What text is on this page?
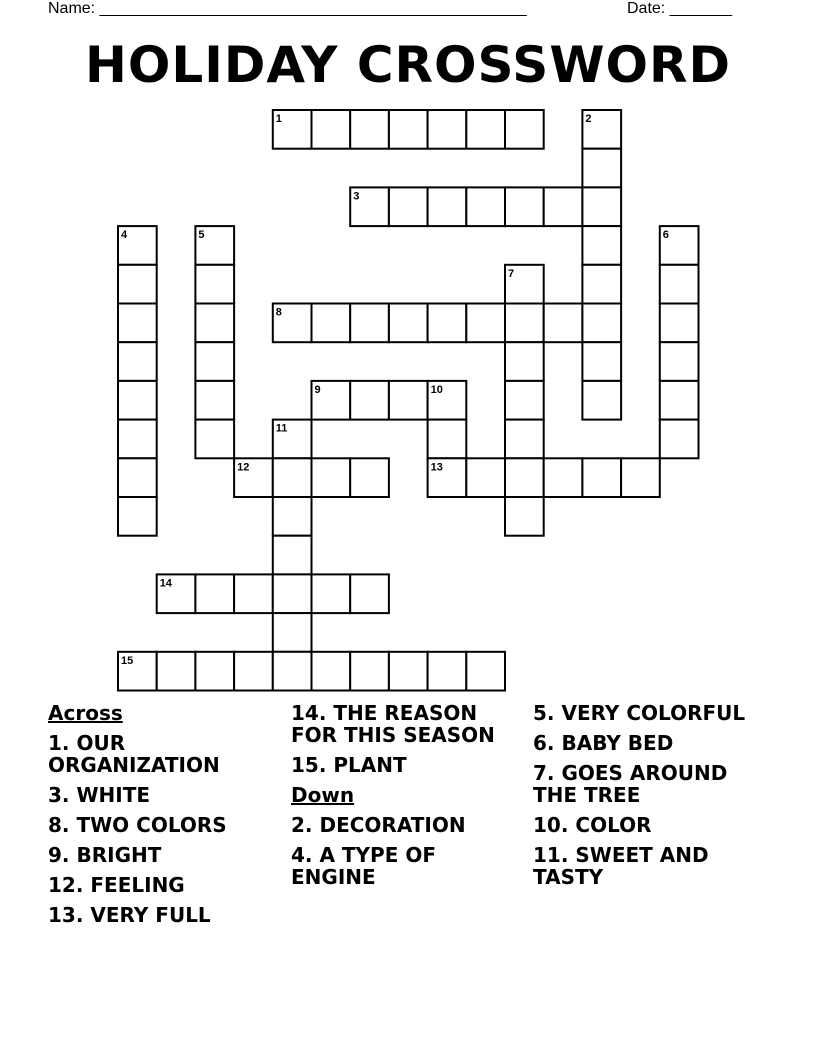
Name: ________________________________________________	Date: _______
HOLIDAY CROSSWORD
1	2
3
4	5	6
7
8
9	10
11
12	13
14
15
Across
1. OUR ORGANIZATION
3. WHITE
8. TWO COLORS
9. BRIGHT
12. FEELING
13. VERY FULL
14. THE REASON FOR THIS SEASON
15. PLANT
Down
2. DECORATION
4. A TYPE OF ENGINE
5. VERY COLORFUL
6. BABY BED
7. GOES AROUND THE TREE
10. COLOR
11. SWEET AND TASTY
